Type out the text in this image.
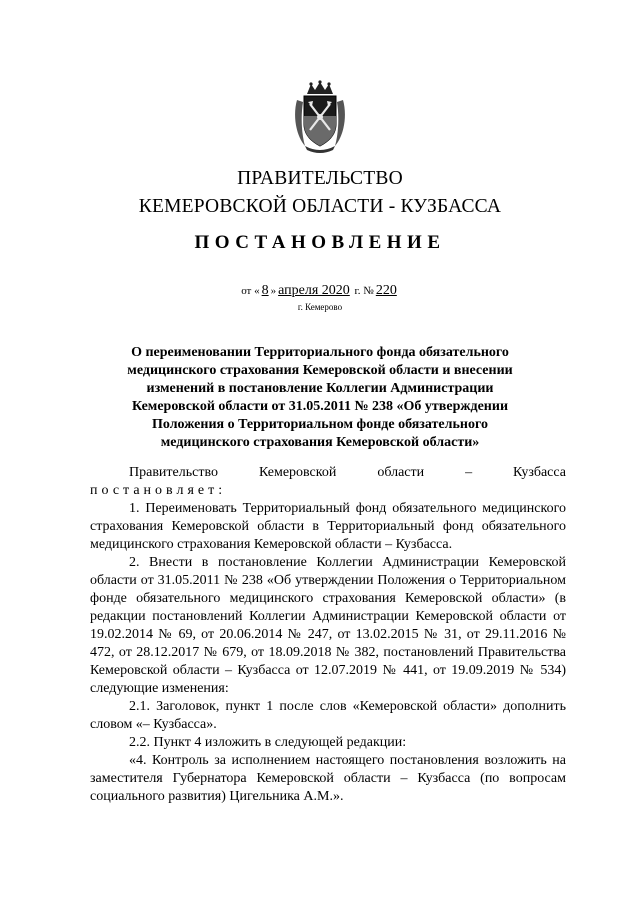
ПРАВИТЕЛЬСТВО
КЕМЕРОВСКОЙ ОБЛАСТИ - КУЗБАССА
ПОСТАНОВЛЕНИЕ
от « 8 » апреля 2020 г. № 220
г. Кемерово
О переименовании Территориального фонда обязательного медицинского страхования Кемеровской области и внесении изменений в постановление Коллегии Администрации Кемеровской области от 31.05.2011 № 238 «Об утверждении Положения о Территориальном фонде обязательного медицинского страхования Кемеровской области»
Правительство	Кемеровской	области	–	Кузбасса

постановляет:

1. Переименовать Территориальный фонд обязательного медицинского страхования Кемеровской области в Территориальный фонд обязательного медицинского страхования Кемеровской области – Кузбасса.

2. Внести в постановление Коллегии Администрации Кемеровской области от 31.05.2011 № 238 «Об утверждении Положения о Территориальном фонде обязательного медицинского страхования Кемеровской области» (в редакции постановлений Коллегии Администрации Кемеровской области от 19.02.2014 № 69, от 20.06.2014 № 247, от 13.02.2015 № 31, от 29.11.2016 № 472, от 28.12.2017 № 679, от 18.09.2018 № 382, постановлений Правительства Кемеровской области – Кузбасса от 12.07.2019 № 441, от 19.09.2019 № 534) следующие изменения:

2.1. Заголовок, пункт 1 после слов «Кемеровской области» дополнить словом «– Кузбасса».

2.2. Пункт 4 изложить в следующей редакции:

«4. Контроль за исполнением настоящего постановления возложить на заместителя Губернатора Кемеровской области – Кузбасса (по вопросам социального развития) Цигельника А.М.».
